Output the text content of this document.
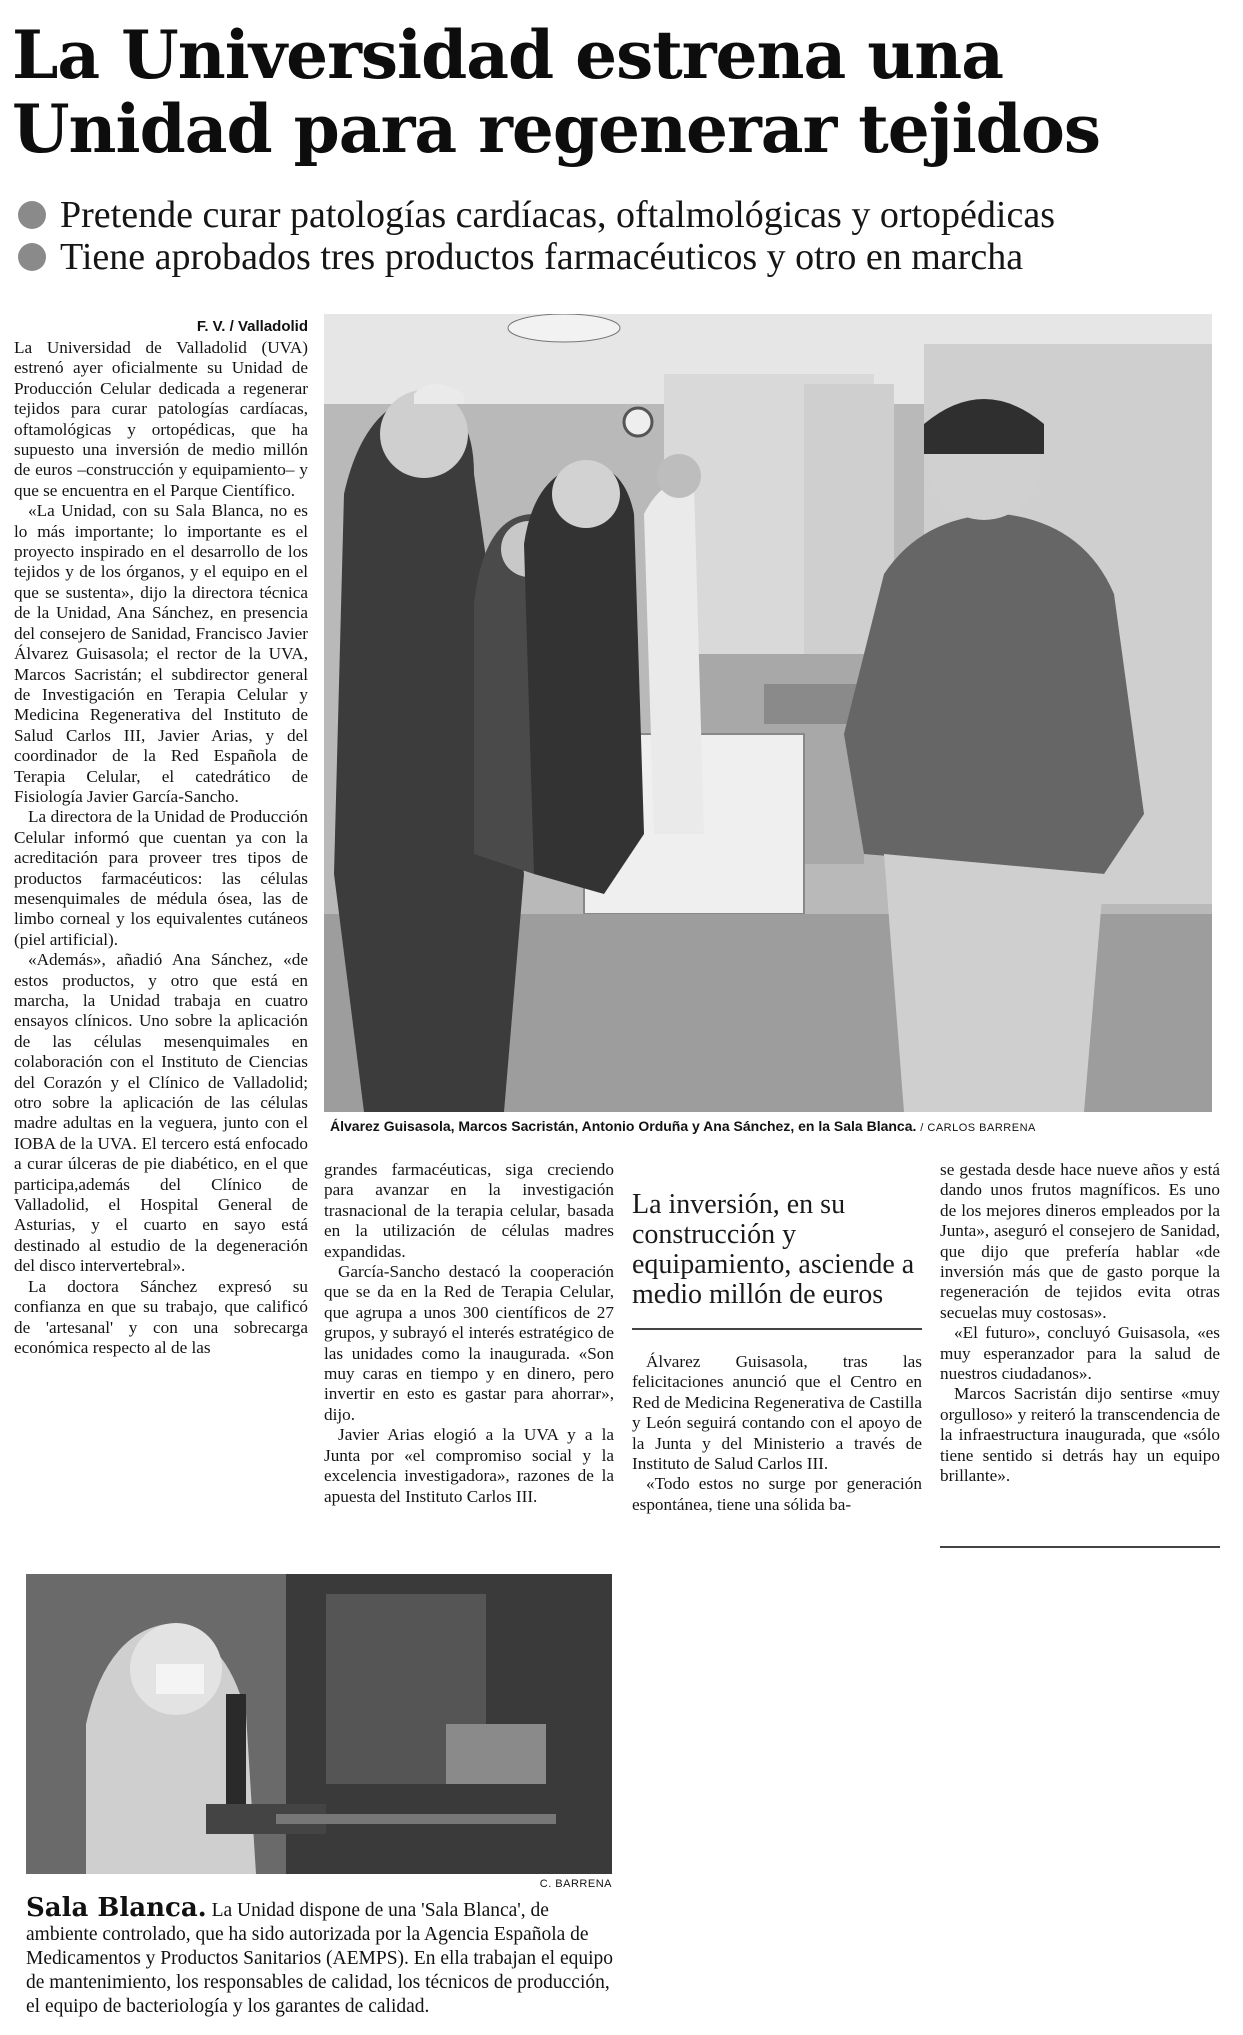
La Universidad estrena una
Unidad para regenerar tejidos
Pretende curar patologías cardíacas, oftalmológicas y ortopédicas
Tiene aprobados tres productos farmacéuticos y otro en marcha
F. V. / Valladolid

La Universidad de Valladolid (UVA) estrenó ayer oficialmente su Unidad de Producción Celular dedicada a regenerar tejidos para curar patologías cardíacas, oftamológicas y ortopédicas, que ha supuesto una inversión de medio millón de euros –construcción y equipamiento– y que se encuentra en el Parque Científico.

«La Unidad, con su Sala Blanca, no es lo más importante; lo importante es el proyecto inspirado en el desarrollo de los tejidos y de los órganos, y el equipo en el que se sustenta», dijo la directora técnica de la Unidad, Ana Sánchez, en presencia del consejero de Sanidad, Francisco Javier Álvarez Guisasola; el rector de la UVA, Marcos Sacristán; el subdirector general de Investigación en Terapia Celular y Medicina Regenerativa del Instituto de Salud Carlos III, Javier Arias, y del coordinador de la Red Española de Terapia Celular, el catedrático de Fisiología Javier García-Sancho.

La directora de la Unidad de Producción Celular informó que cuentan ya con la acreditación para proveer tres tipos de productos farmacéuticos: las células mesenquimales de médula ósea, las de limbo corneal y los equivalentes cutáneos (piel artificial).

«Además», añadió Ana Sánchez, «de estos productos, y otro que está en marcha, la Unidad trabaja en cuatro ensayos clínicos. Uno sobre la aplicación de las células mesenquimales en colaboración con el Instituto de Ciencias del Corazón y el Clínico de Valladolid; otro sobre la aplicación de las células madre adultas en la veguera, junto con el IOBA de la UVA. El tercero está enfocado a curar úlceras de pie diabético, en el que participa,además del Clínico de Valladolid, el Hospital General de Asturias, y el cuarto en sayo está destinado al estudio de la degeneración del disco intervertebral».

La doctora Sánchez expresó su confianza en que su trabajo, que calificó de 'artesanal' y con una sobrecarga económica respecto al de las

Álvarez Guisasola, Marcos Sacristán, Antonio Orduña y Ana Sánchez, en la Sala Blanca. / CARLOS BARRENA

grandes farmacéuticas, siga creciendo para avanzar en la investigación trasnacional de la terapia celular, basada en la utilización de células madres expandidas.

García-Sancho destacó la cooperación que se da en la Red de Terapia Celular, que agrupa a unos 300 científicos de 27 grupos, y subrayó el interés estratégico de las unidades como la inaugurada. «Son muy caras en tiempo y en dinero, pero invertir en esto es gastar para ahorrar», dijo.

Javier Arias elogió a la UVA y a la Junta por «el compromiso social y la excelencia investigadora», razones de la apuesta del Instituto Carlos III.

La inversión, en su construcción y equipamiento, asciende a medio millón de euros

Álvarez Guisasola, tras las felicitaciones anunció que el Centro en Red de Medicina Regenerativa de Castilla y León seguirá contando con el apoyo de la Junta y del Ministerio a través de Instituto de Salud Carlos III.

«Todo estos no surge por generación espontánea, tiene una sólida ba-

se gestada desde hace nueve años y está dando unos frutos magníficos. Es uno de los mejores dineros empleados por la Junta», aseguró el consejero de Sanidad, que dijo que prefería hablar «de inversión más que de gasto porque la regeneración de tejidos evita otras secuelas muy costosas».

«El futuro», concluyó Guisasola, «es muy esperanzador para la salud de nuestros ciudadanos».

Marcos Sacristán dijo sentirse «muy orgulloso» y reiteró la transcendencia de la infraestructura inaugurada, que «sólo tiene sentido si detrás hay un equipo brillante».

C. BARRENA
Sala Blanca. La Unidad dispone de una 'Sala Blanca', de ambiente controlado, que ha sido autorizada por la Agencia Española de Medicamentos y Productos Sanitarios (AEMPS). En ella trabajan el equipo de mantenimiento, los responsables de calidad, los técnicos de producción, el equipo de bacteriología y los garantes de calidad.
